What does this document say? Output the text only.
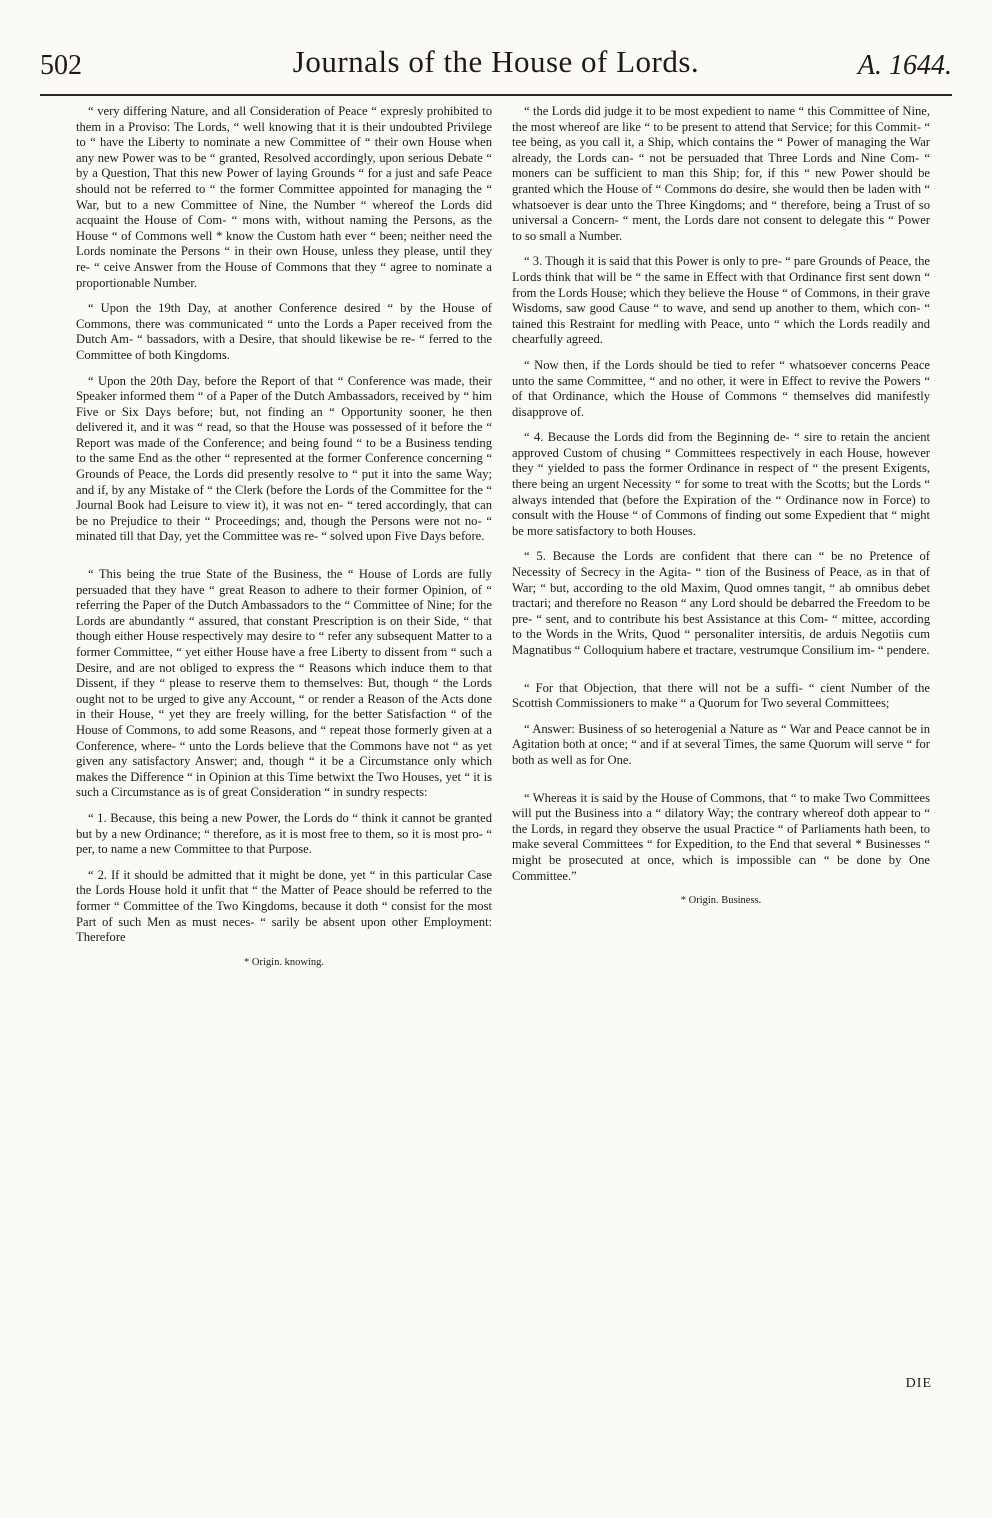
502	Journals of the House of Lords.	A. 1644.

“ very differing Nature, and all Consideration of Peace “ expresly prohibited to them in a Proviso: The Lords, “ well knowing that it is their undoubted Privilege to “ have the Liberty to nominate a new Committee of “ their own House when any new Power was to be “ granted, Resolved accordingly, upon serious Debate “ by a Question, That this new Power of laying Grounds “ for a just and safe Peace should not be referred to “ the former Committee appointed for managing the “ War, but to a new Committee of Nine, the Number “ whereof the Lords did acquaint the House of Com- “ mons with, without naming the Persons, as the House “ of Commons well * know the Custom hath ever “ been; neither need the Lords nominate the Persons “ in their own House, unless they please, until they re- “ ceive Answer from the House of Commons that they “ agree to nominate a proportionable Number.

“ Upon the 19th Day, at another Conference desired “ by the House of Commons, there was communicated “ unto the Lords a Paper received from the Dutch Am- “ bassadors, with a Desire, that should likewise be re- “ ferred to the Committee of both Kingdoms.

“ Upon the 20th Day, before the Report of that “ Conference was made, their Speaker informed them “ of a Paper of the Dutch Ambassadors, received by “ him Five or Six Days before; but, not finding an “ Opportunity sooner, he then delivered it, and it was “ read, so that the House was possessed of it before the “ Report was made of the Conference; and being found “ to be a Business tending to the same End as the other “ represented at the former Conference concerning “ Grounds of Peace, the Lords did presently resolve to “ put it into the same Way; and if, by any Mistake of “ the Clerk (before the Lords of the Committee for the “ Journal Book had Leisure to view it), it was not en- “ tered accordingly, that can be no Prejudice to their “ Proceedings; and, though the Persons were not no- “ minated till that Day, yet the Committee was re- “ solved upon Five Days before.

“ This being the true State of the Business, the “ House of Lords are fully persuaded that they have “ great Reason to adhere to their former Opinion, of “ referring the Paper of the Dutch Ambassadors to the “ Committee of Nine; for the Lords are abundantly “ assured, that constant Prescription is on their Side, “ that though either House respectively may desire to “ refer any subsequent Matter to a former Committee, “ yet either House have a free Liberty to dissent from “ such a Desire, and are not obliged to express the “ Reasons which induce them to that Dissent, if they “ please to reserve them to themselves: But, though “ the Lords ought not to be urged to give any Account, “ or render a Reason of the Acts done in their House, “ yet they are freely willing, for the better Satisfaction “ of the House of Commons, to add some Reasons, and “ repeat those formerly given at a Conference, where- “ unto the Lords believe that the Commons have not “ as yet given any satisfactory Answer; and, though “ it be a Circumstance only which makes the Difference “ in Opinion at this Time betwixt the Two Houses, yet “ it is such a Circumstance as is of great Consideration “ in sundry respects:

“ 1. Because, this being a new Power, the Lords do “ think it cannot be granted but by a new Ordinance; “ therefore, as it is most free to them, so it is most pro- “ per, to name a new Committee to that Purpose.

“ 2. If it should be admitted that it might be done, yet “ in this particular Case the Lords House hold it unfit that “ the Matter of Peace should be referred to the former “ Committee of the Two Kingdoms, because it doth “ consist for the most Part of such Men as must neces- “ sarily be absent upon other Employment: Therefore

* Origin. knowing.

“ the Lords did judge it to be most expedient to name “ this Committee of Nine, the most whereof are like “ to be present to attend that Service; for this Commit- “ tee being, as you call it, a Ship, which contains the “ Power of managing the War already, the Lords can- “ not be persuaded that Three Lords and Nine Com- “ moners can be sufficient to man this Ship; for, if this “ new Power should be granted which the House of “ Commons do desire, she would then be laden with “ whatsoever is dear unto the Three Kingdoms; and “ therefore, being a Trust of so universal a Concern- “ ment, the Lords dare not consent to delegate this “ Power to so small a Number.

“ 3. Though it is said that this Power is only to pre- “ pare Grounds of Peace, the Lords think that will be “ the same in Effect with that Ordinance first sent down “ from the Lords House; which they believe the House “ of Commons, in their grave Wisdoms, saw good Cause “ to wave, and send up another to them, which con- “ tained this Restraint for medling with Peace, unto “ which the Lords readily and chearfully agreed.

“ Now then, if the Lords should be tied to refer “ whatsoever concerns Peace unto the same Committee, “ and no other, it were in Effect to revive the Powers “ of that Ordinance, which the House of Commons “ themselves did manifestly disapprove of.

“ 4. Because the Lords did from the Beginning de- “ sire to retain the ancient approved Custom of chusing “ Committees respectively in each House, however they “ yielded to pass the former Ordinance in respect of “ the present Exigents, there being an urgent Necessity “ for some to treat with the Scotts; but the Lords “ always intended that (before the Expiration of the “ Ordinance now in Force) to consult with the House “ of Commons of finding out some Expedient that “ might be more satisfactory to both Houses.

“ 5. Because the Lords are confident that there can “ be no Pretence of Necessity of Secrecy in the Agita- “ tion of the Business of Peace, as in that of War; “ but, according to the old Maxim, Quod omnes tangit, “ ab omnibus debet tractari; and therefore no Reason “ any Lord should be debarred the Freedom to be pre- “ sent, and to contribute his best Assistance at this Com- “ mittee, according to the Words in the Writs, Quod “ personaliter intersitis, de arduis Negotiis cum Magnatibus “ Colloquium habere et tractare, vestrumque Consilium im- “ pendere.

“ For that Objection, that there will not be a suffi- “ cient Number of the Scottish Commissioners to make “ a Quorum for Two several Committees;

“ Answer: Business of so heterogenial a Nature as “ War and Peace cannot be in Agitation both at once; “ and if at several Times, the same Quorum will serve “ for both as well as for One.

“ Whereas it is said by the House of Commons, that “ to make Two Committees will put the Business into a “ dilatory Way; the contrary whereof doth appear to “ the Lords, in regard they observe the usual Practice “ of Parliaments hath been, to make several Committees “ for Expedition, to the End that several * Businesses “ might be prosecuted at once, which is impossible can “ be done by One Committee.”

* Origin. Business.
DIE
